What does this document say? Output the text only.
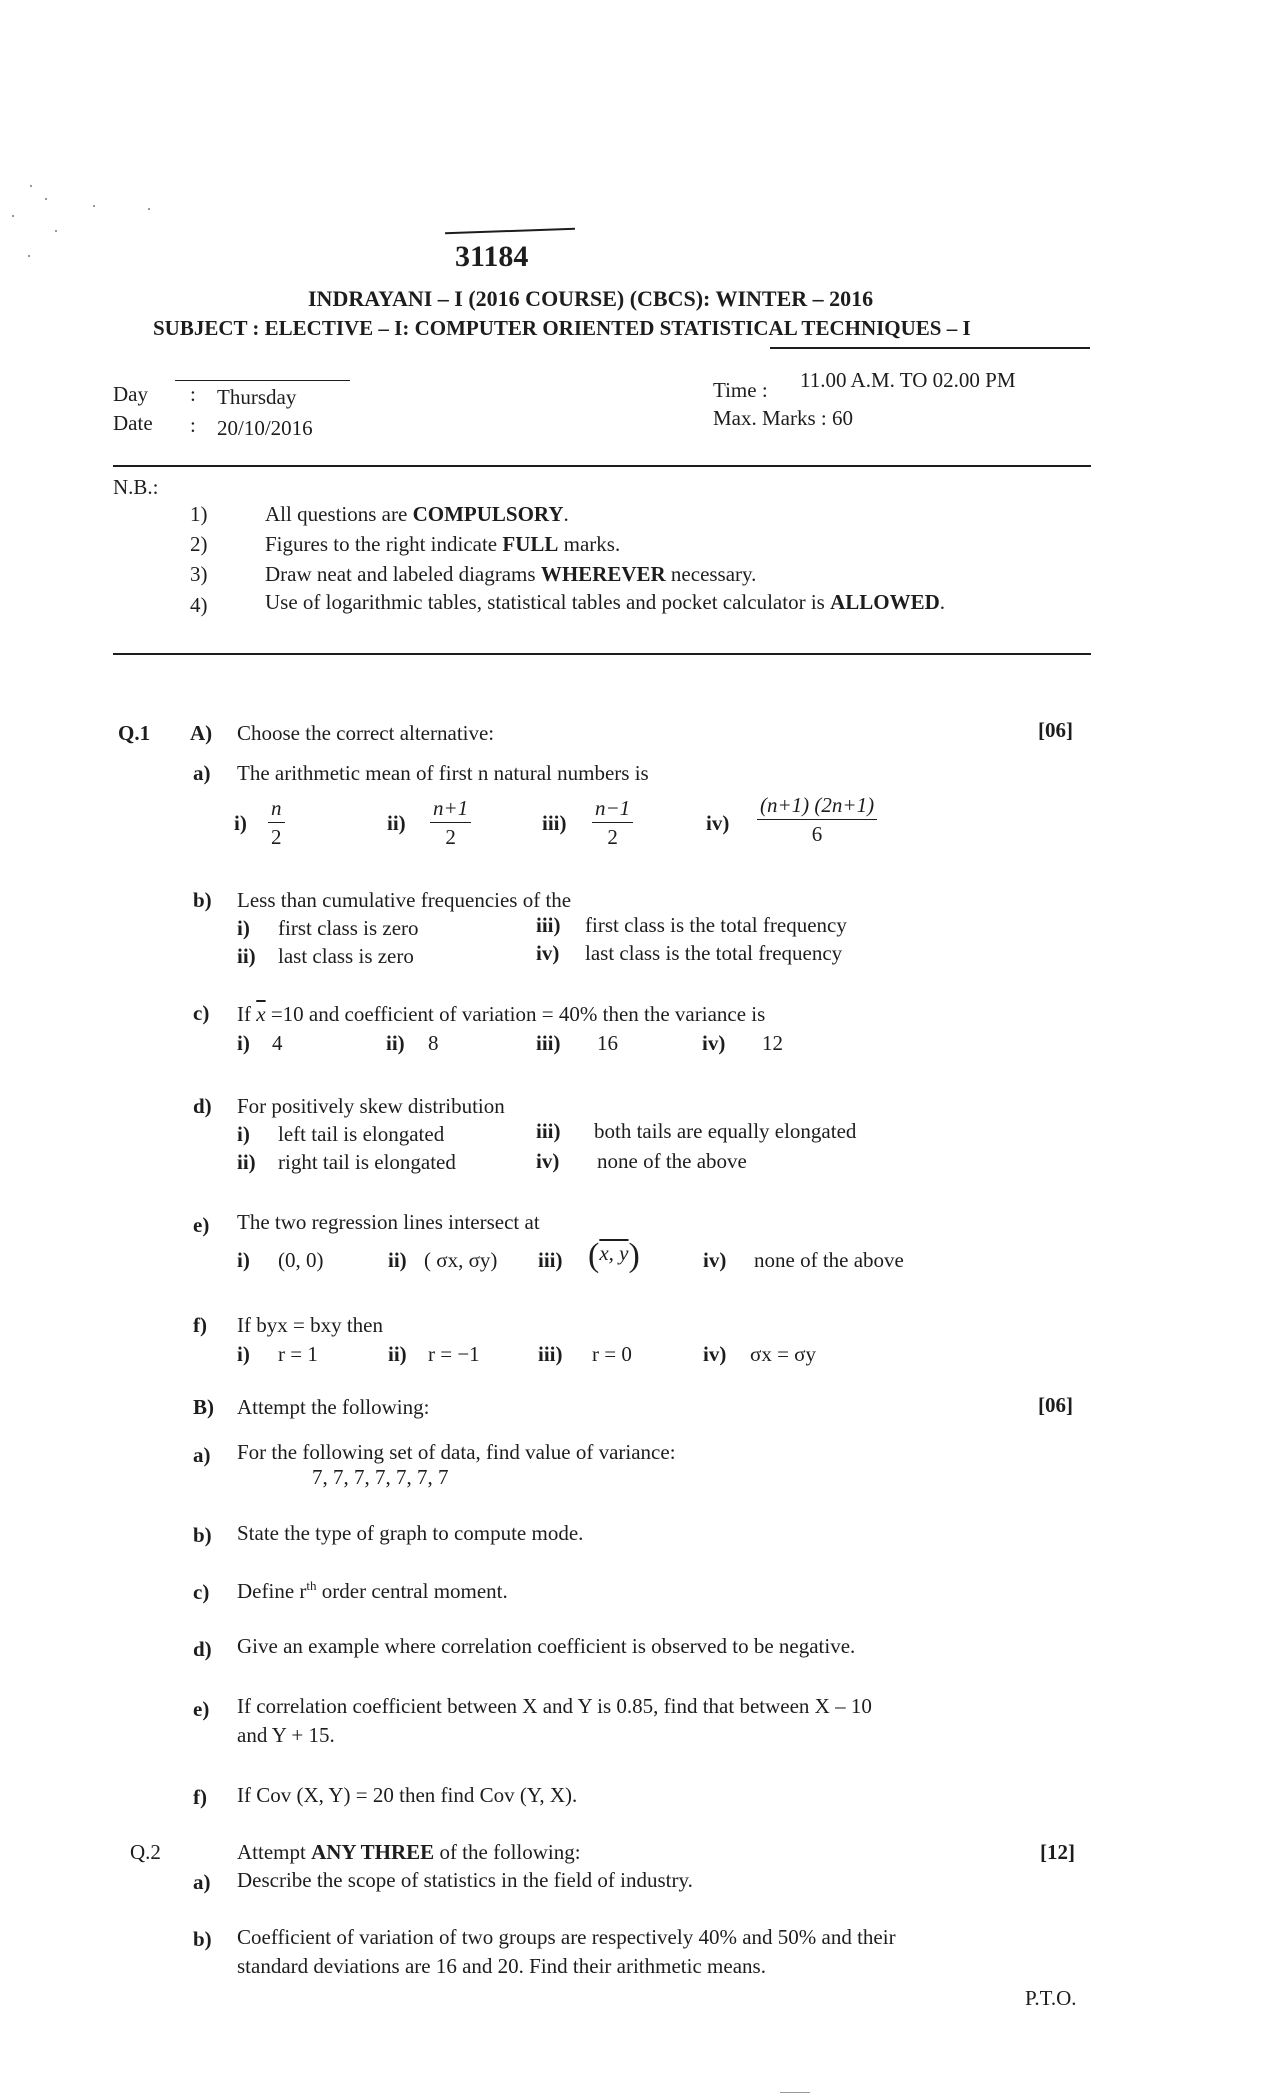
31184
INDRAYANI – I (2016 COURSE) (CBCS): WINTER – 2016
SUBJECT : ELECTIVE – I: COMPUTER ORIENTED STATISTICAL TECHNIQUES – I
Day : Thursday
Date : 20/10/2016
Time : 11.00 A.M. TO 02.00 PM
Max. Marks : 60
N.B.:
1)	All questions are COMPULSORY.
2)	Figures to the right indicate FULL marks.
3)	Draw neat and labeled diagrams WHEREVER necessary.
4)	Use of logarithmic tables, statistical tables and pocket calculator is ALLOWED.
Q.1 A) Choose the correct alternative:	[06]
a) The arithmetic mean of first n natural numbers is
$i) \frac{n}{2}$	$ii) \frac{n+1}{2}$	$iii) \frac{n-1}{2}$	$iv) \frac{(n+1) (2n+1)}{6}$
b) Less than cumulative frequencies of the
i) first class is zero	iii) first class is the total frequency
ii) last class is zero	iv) last class is the total frequency
c) If $\overline{x} =10$ and coefficient of variation = 40% then the variance is
i) 4	ii) 8	iii) 16	iv) 12
d) For positively skew distribution
i) left tail is elongated	iii) both tails are equally elongated
ii) right tail is elongated	iv) none of the above
e) The two regression lines intersect at
i) (0, 0)	ii) ( σx, σy) iii) (x, y)	iv) none of the above
f) If byx = bxy then
i) r = 1	ii) r = −1	iii) r = 0	iv) σx = σy
B) Attempt the following:	[06]
a) For the following set of data, find value of variance:
7, 7, 7, 7, 7, 7, 7
b) State the type of graph to compute mode.
c) Define $r^{th}$ order central moment.
d) Give an example where correlation coefficient is observed to be negative.
e) If correlation coefficient between X and Y is 0.85, find that between X – 10
and Y + 15.
f) If Cov (X, Y) = 20 then find Cov (Y, X).
Q.2	Attempt ANY THREE of the following:	[12]
a) Describe the scope of statistics in the field of industry.
b) Coefficient of variation of two groups are respectively 40% and 50% and their
standard deviations are 16 and 20. Find their arithmetic means.
P.T.O.
